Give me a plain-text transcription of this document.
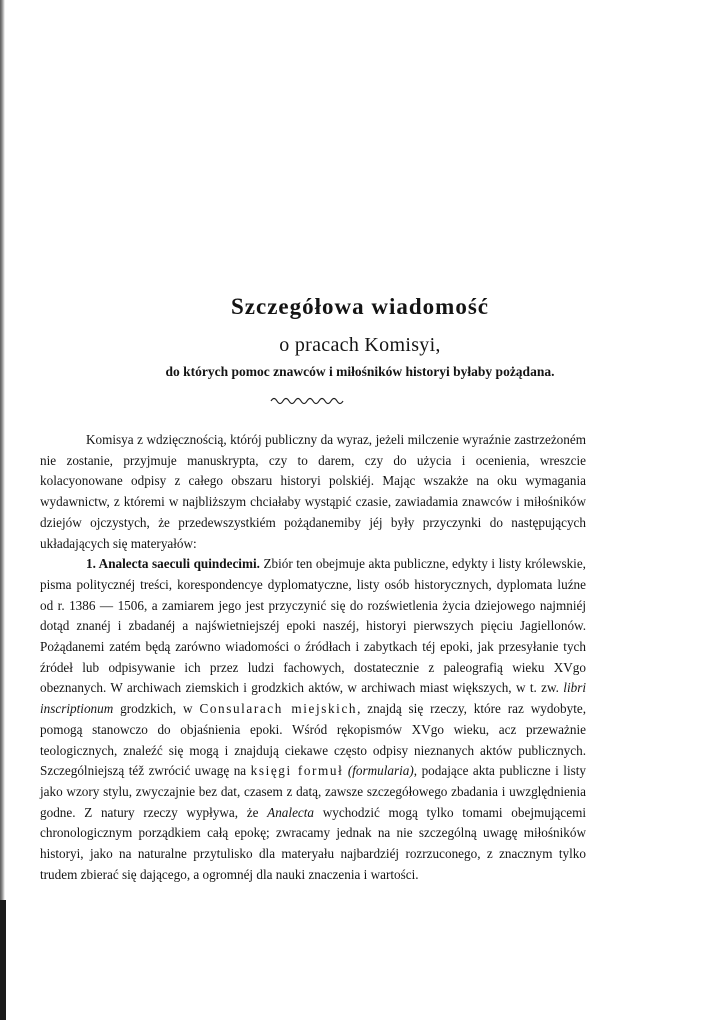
Szczegółowa wiadomość
o pracach Komisyi,
do których pomoc znawców i miłośników historyi byłaby pożądana.

Komisya z wdzięcznością, którój publiczny da wyraz, jeżeli milczenie wyraźnie zastrzeżoném nie zostanie, przyjmuje manuskrypta, czy to darem, czy do użycia i ocenienia, wreszcie kolacyonowane odpisy z całego obszaru historyi polskiéj. Mając wszakże na oku wymagania wydawnictw, z któremi w najbliższym chciałaby wystąpić czasie, zawiadamia znawców i miłośników dziejów ojczystych, że przedewszystkiém pożądanemiby jéj były przyczynki do następujących układających się materyałów:

1. Analecta saeculi quindecimi. Zbiór ten obejmuje akta publiczne, edykty i listy królewskie, pisma politycznéj treści, korespondencye dyplomatyczne, listy osób historycznych, dyplomata luźne od r. 1386 — 1506, a zamiarem jego jest przyczynić się do rozświetlenia życia dziejowego najmniéj dotąd znanéj i zbadanéj a najświetniejszéj epoki naszéj, historyi pierwszych pięciu Jagiellonów. Pożądanemi zatém będą zarówno wiadomości o źródłach i zabytkach téj epoki, jak przesyłanie tych źródeł lub odpisywanie ich przez ludzi fachowych, dostatecznie z paleografią wieku XVgo obeznanych. W archiwach ziemskich i grodzkich aktów, w archiwach miast większych, w t. zw. libri inscriptionum grodzkich, w Consularach miejskich, znajdą się rzeczy, które raz wydobyte, pomogą stanowczo do objaśnienia epoki. Wśród rękopismów XVgo wieku, acz przeważnie teologicznych, znaleźć się mogą i znajdują ciekawe często odpisy nieznanych aktów publicznych. Szczególniejszą též zwrócić uwagę na księgi formuł (formularia), podające akta publiczne i listy jako wzory stylu, zwyczajnie bez dat, czasem z datą, zawsze szczegółowego zbadania i uwzględnienia godne. Z natury rzeczy wypływa, że Analecta wychodzić mogą tylko tomami obejmującemi chronologicznym porządkiem całą epokę; zwracamy jednak na nie szczególną uwagę miłośników historyi, jako na naturalne przytulisko dla materyału najbardziéj rozrzuconego, z znacznym tylko trudem zbierać się dającego, a ogromnéj dla nauki znaczenia i wartości.
